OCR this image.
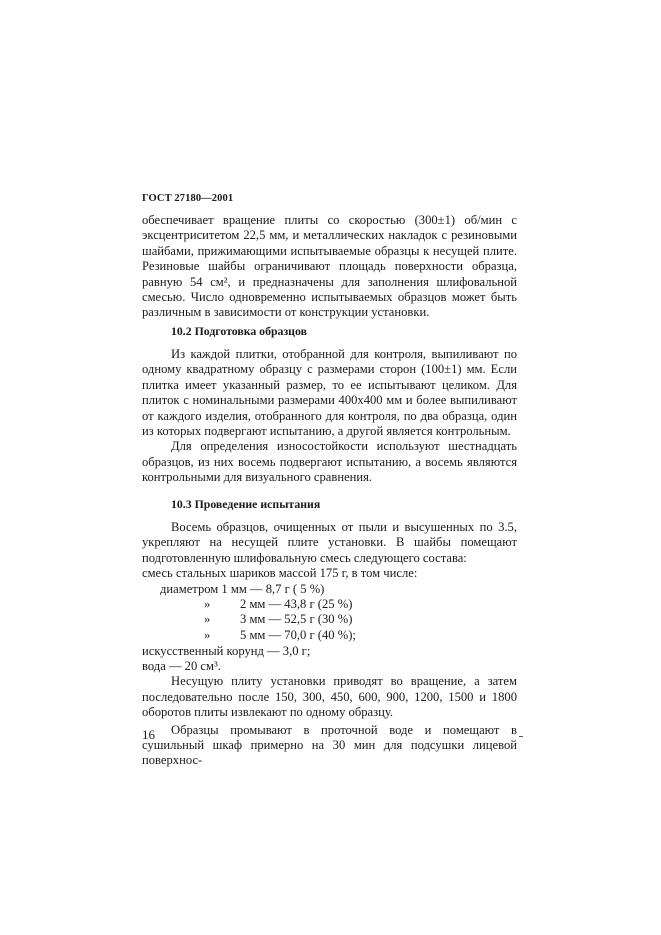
ГОСТ 27180—2001

обеспечивает вращение плиты со скоростью (300±1) об/мин с эксцентриситетом 22,5 мм, и металлических накладок с резиновыми шайбами, прижимающими испытываемые образцы к несущей плите. Резиновые шайбы ограничивают площадь поверхности образца, равную 54 см², и предназначены для заполнения шлифовальной смесью. Число одновременно испытываемых образцов может быть различным в зависимости от конструкции установки.

10.2 Подготовка образцов

Из каждой плитки, отобранной для контроля, выпиливают по одному квадратному образцу с размерами сторон (100±1) мм. Если плитка имеет указанный размер, то ее испытывают целиком. Для плиток с номинальными размерами 400х400 мм и более выпиливают от каждого изделия, отобранного для контроля, по два образца, один из которых подвергают испытанию, а другой является контрольным.

Для определения износостойкости используют шестнадцать образцов, из них восемь подвергают испытанию, а восемь являются контрольными для визуального сравнения.

10.3 Проведение испытания

Восемь образцов, очищенных от пыли и высушенных по 3.5, укрепляют на несущей плите установки. В шайбы помещают подготовленную шлифовальную смесь следующего состава:

смесь стальных шариков массой 175 г, в том числе:
диаметром 1 мм — 8,7 г ( 5 %)
» 2 мм — 43,8 г (25 %)
» 3 мм — 52,5 г (30 %)
» 5 мм — 70,0 г (40 %);
искусственный корунд — 3,0 г;
вода — 20 см³.

Несущую плиту установки приводят во вращение, а затем последовательно после 150, 300, 450, 600, 900, 1200, 1500 и 1800 оборотов плиты извлекают по одному образцу.

Образцы промывают в проточной воде и помещают в сушильный шкаф примерно на 30 мин для подсушки лицевой поверхнос-

16
